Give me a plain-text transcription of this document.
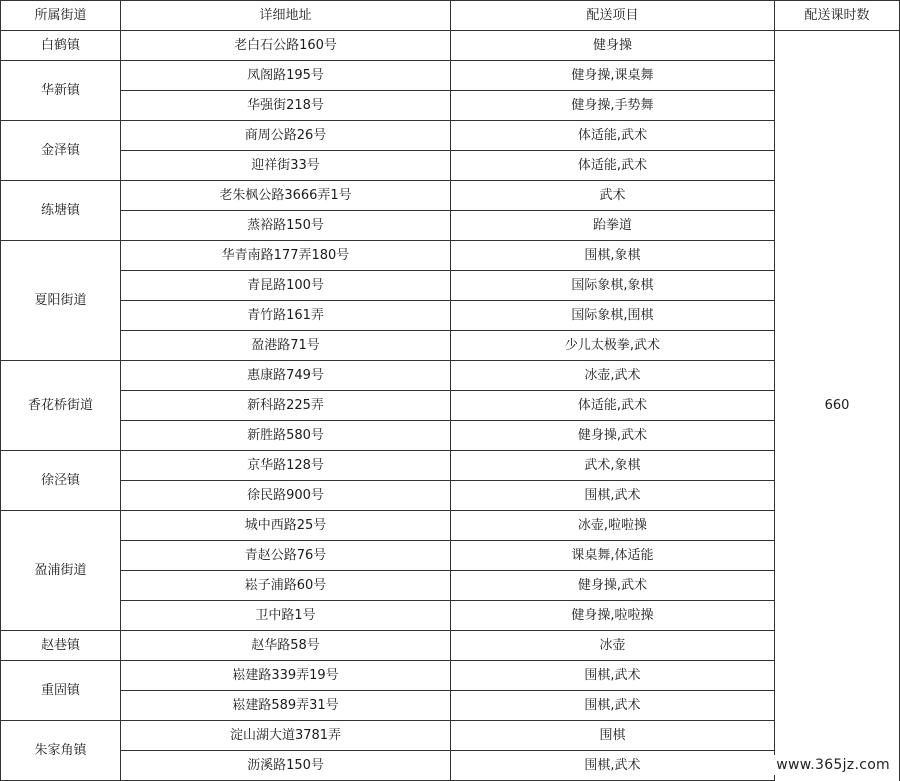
所属街道	详细地址	配送项目	配送课时数
白鹤镇	老白石公路160号	健身操	660
华新镇	凤阁路195号	健身操,课桌舞	
	华强街218号	健身操,手势舞	
金泽镇	商周公路26号	体适能,武术	
	迎祥街33号	体适能,武术	
练塘镇	老朱枫公路3666弄1号	武术	
	蒸裕路150号	跆拳道	
夏阳街道	华青南路177弄180号	围棋,象棋	
	青昆路100号	国际象棋,象棋	
	青竹路161弄	国际象棋,围棋	
	盈港路71号	少儿太极拳,武术	
香花桥街道	惠康路749号	冰壶,武术	
	新科路225弄	体适能,武术	
	新胜路580号	健身操,武术	
徐泾镇	京华路128号	武术,象棋	
	徐民路900号	围棋,武术	
盈浦街道	城中西路25号	冰壶,啦啦操	
	青赵公路76号	课桌舞,体适能	
	崧子浦路60号	健身操,武术	
	卫中路1号	健身操,啦啦操	
赵巷镇	赵华路58号	冰壶	
重固镇	崧建路339弄19号	围棋,武术	
	崧建路589弄31号	围棋,武术	
朱家角镇	淀山湖大道3781弄	围棋	
	沥溪路150号	围棋,武术		www.365jz.com
